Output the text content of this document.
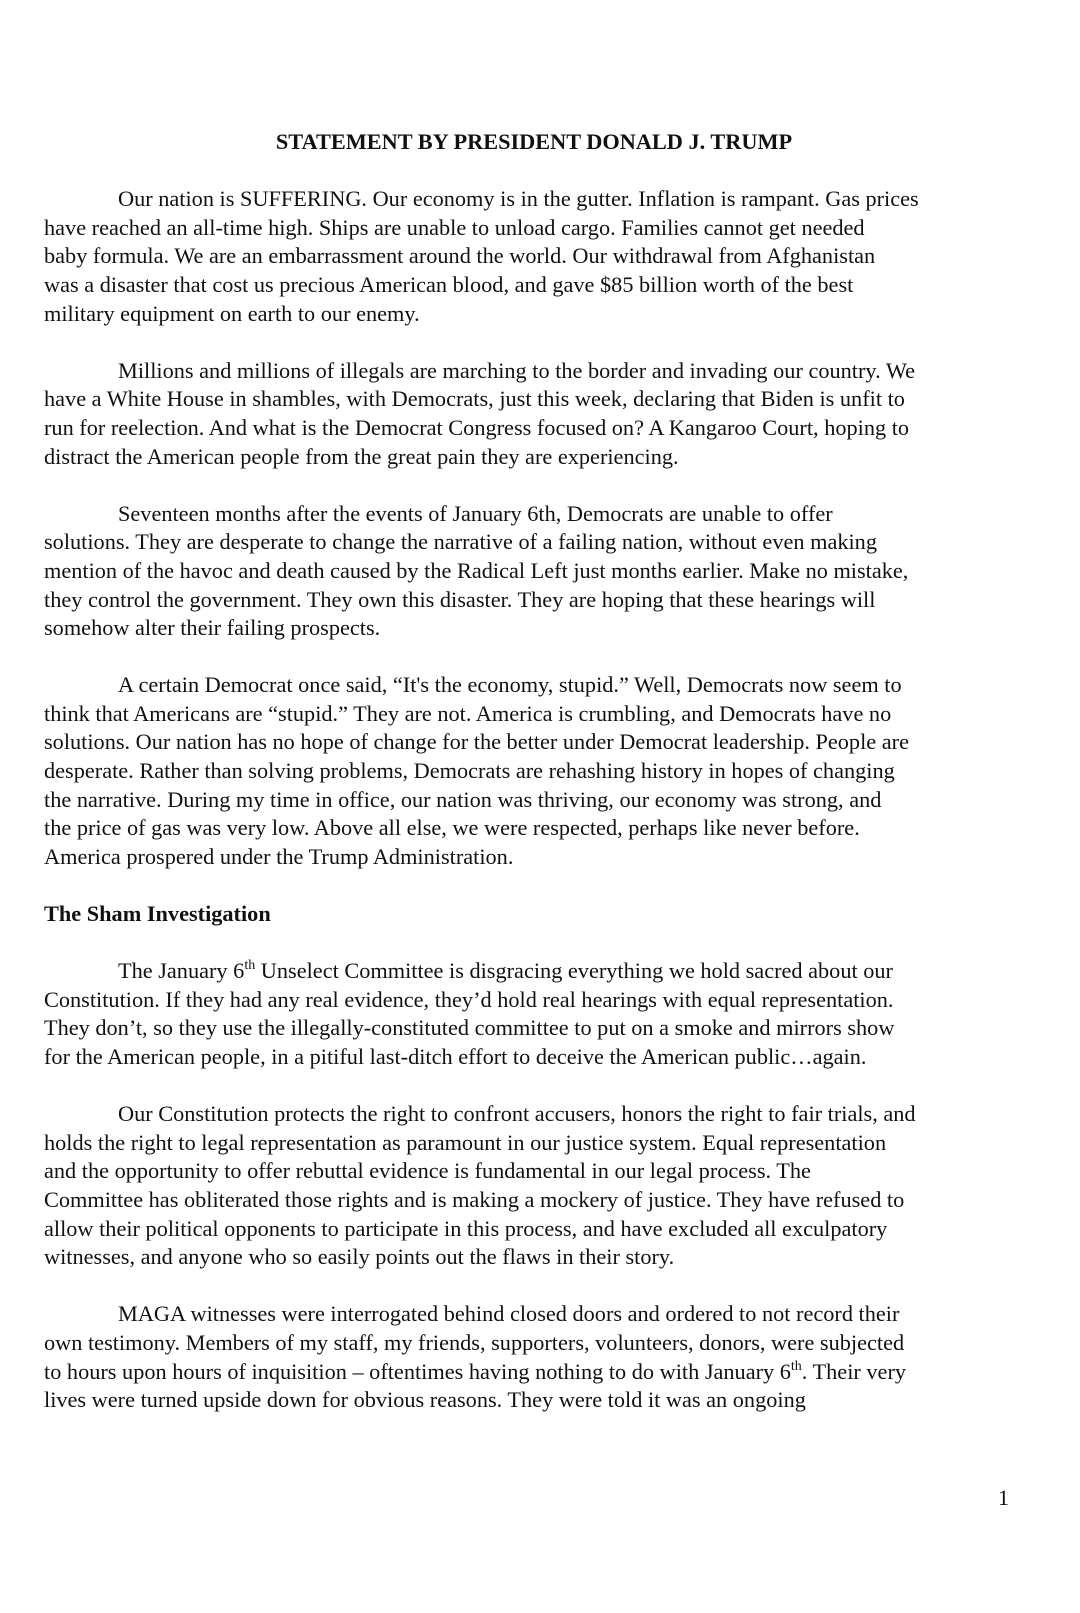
STATEMENT BY PRESIDENT DONALD J. TRUMP
Our nation is SUFFERING. Our economy is in the gutter. Inflation is rampant. Gas prices
have reached an all-time high. Ships are unable to unload cargo. Families cannot get needed
baby formula. We are an embarrassment around the world. Our withdrawal from Afghanistan
was a disaster that cost us precious American blood, and gave $85 billion worth of the best
military equipment on earth to our enemy.
Millions and millions of illegals are marching to the border and invading our country. We
have a White House in shambles, with Democrats, just this week, declaring that Biden is unfit to
run for reelection. And what is the Democrat Congress focused on? A Kangaroo Court, hoping to
distract the American people from the great pain they are experiencing.
Seventeen months after the events of January 6th, Democrats are unable to offer
solutions. They are desperate to change the narrative of a failing nation, without even making
mention of the havoc and death caused by the Radical Left just months earlier. Make no mistake,
they control the government. They own this disaster. They are hoping that these hearings will
somehow alter their failing prospects.
A certain Democrat once said, “It's the economy, stupid.” Well, Democrats now seem to
think that Americans are “stupid.” They are not. America is crumbling, and Democrats have no
solutions. Our nation has no hope of change for the better under Democrat leadership. People are
desperate. Rather than solving problems, Democrats are rehashing history in hopes of changing
the narrative. During my time in office, our nation was thriving, our economy was strong, and
the price of gas was very low. Above all else, we were respected, perhaps like never before.
America prospered under the Trump Administration.
The Sham Investigation
The January 6th Unselect Committee is disgracing everything we hold sacred about our
Constitution. If they had any real evidence, they’d hold real hearings with equal representation.
They don’t, so they use the illegally-constituted committee to put on a smoke and mirrors show
for the American people, in a pitiful last-ditch effort to deceive the American public…again.
Our Constitution protects the right to confront accusers, honors the right to fair trials, and
holds the right to legal representation as paramount in our justice system. Equal representation
and the opportunity to offer rebuttal evidence is fundamental in our legal process. The
Committee has obliterated those rights and is making a mockery of justice. They have refused to
allow their political opponents to participate in this process, and have excluded all exculpatory
witnesses, and anyone who so easily points out the flaws in their story.
MAGA witnesses were interrogated behind closed doors and ordered to not record their
own testimony. Members of my staff, my friends, supporters, volunteers, donors, were subjected
to hours upon hours of inquisition – oftentimes having nothing to do with January 6th. Their very
lives were turned upside down for obvious reasons. They were told it was an ongoing
1
